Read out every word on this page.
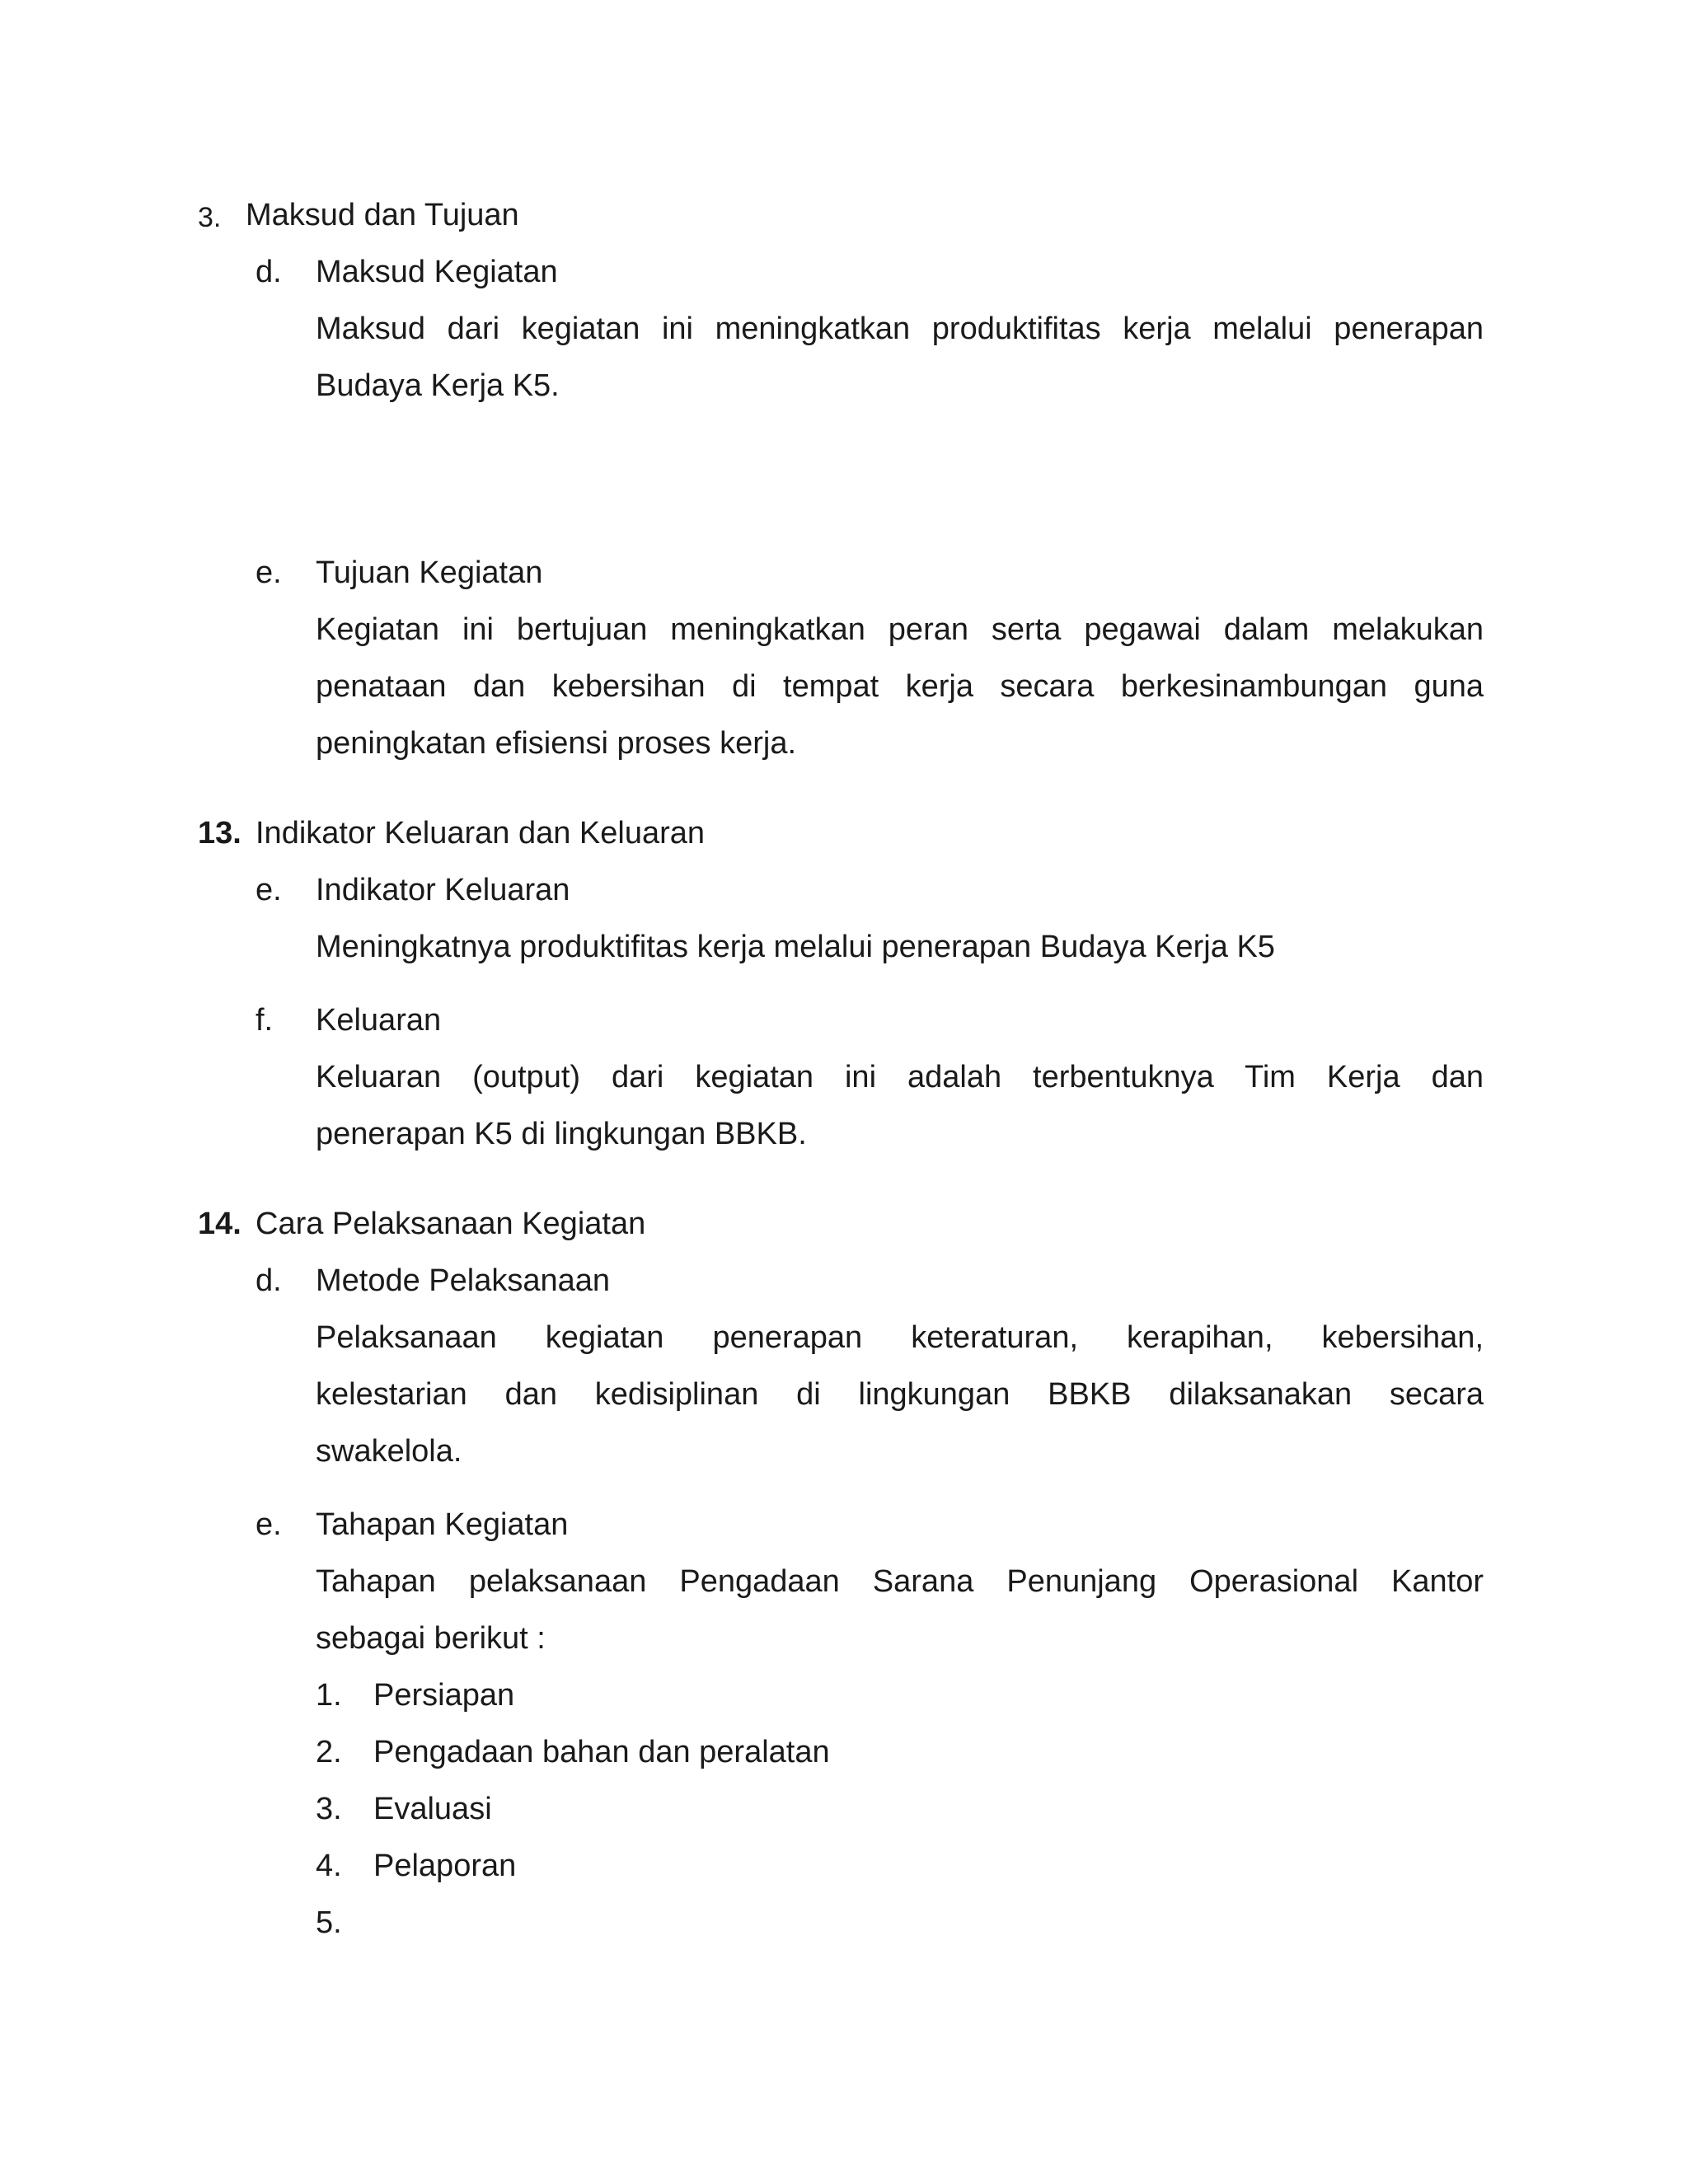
3. Maksud dan Tujuan
d. Maksud Kegiatan
Maksud dari kegiatan ini meningkatkan produktifitas kerja melalui penerapan
Budaya Kerja K5.
e. Tujuan Kegiatan
Kegiatan ini bertujuan meningkatkan peran serta pegawai dalam melakukan
penataan dan kebersihan di tempat kerja secara berkesinambungan guna
peningkatan efisiensi proses kerja.
13. Indikator Keluaran dan Keluaran
e. Indikator Keluaran
Meningkatnya produktifitas kerja melalui penerapan Budaya Kerja K5
f. Keluaran
Keluaran (output) dari kegiatan ini adalah terbentuknya Tim Kerja dan
penerapan K5 di lingkungan BBKB.
14. Cara Pelaksanaan Kegiatan
d. Metode Pelaksanaan
Pelaksanaan kegiatan penerapan keteraturan, kerapihan, kebersihan,
kelestarian dan kedisiplinan di lingkungan BBKB dilaksanakan secara
swakelola.
e. Tahapan Kegiatan
Tahapan pelaksanaan Pengadaan Sarana Penunjang Operasional Kantor
sebagai berikut :
1. Persiapan
2. Pengadaan bahan dan peralatan
3. Evaluasi
4. Pelaporan
5.
